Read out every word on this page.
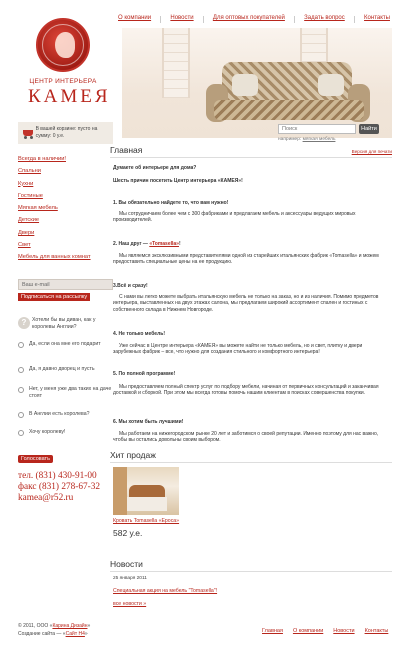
О компании	Новости	Для оптовых покупателей	Задать вопрос	Контакты
ЦЕНТР ИНТЕРЬЕРА
КАМЕЯ
Поиск	Найти
например: мягкая мебель
В вашей корзине: пусто на сумму: 0 у.е.
Всегда в наличии!
Спальни
Кухни
Гостиные
Мягкая мебель
Детские
Двери
Свет
Мебель для ванных комнат
Ваш e-mail
Подписаться на рассылку
?	Хотели бы вы диван, как у королевы Англии?
Да, если она мне его подарит
Да, я давно дворец и пусть
Нет, у меня уже два таких на даче стоят
В Англии есть королева?
Хочу королеву!
Голосовать
тел. (831) 430-91-00
факс (831) 278-67-32
kamea@r52.ru
Главная	Версия для печати
Думаете об интерьере для дома?
Шесть причин посетить Центр интерьера «КАМЕЯ»!
1. Вы обязательно найдете то, что вам нужно!
Мы сотрудничаем более чем с 300 фабриками и предлагаем мебель и аксессуары ведущих мировых производителей.
2. Наш друг — «Tomasella»!
Мы являемся эксклюзивными представителями одной из старейших итальянских фабрик «Tomasella» и можем предоставить специальные цены на ее продукцию.
3.Всё и сразу!
С нами вы легко можете выбрать итальянскую мебель не только на заказ, но и из наличия. Помимо предметов интерьера, выставленных на двух этажах салона, мы предлагаем широкий ассортимент спален и гостиных с собственного склада в Нижнем Новгороде.
4. Не только мебель!
Уже сейчас в Центре интерьера «КАМЕЯ» вы можете найти не только мебель, но и свет, плитку и двери зарубежных фабрик – все, что нужно для создания стильного и комфортного интерьера!
5. По полной программе!
Мы предоставляем полный спектр услуг по подбору мебели, начиная от первичных консультаций и заканчивая доставкой и сборкой. При этом мы всегда готовы помочь нашим клиентам в поисках совершенства покупки.
6. Мы хотим быть лучшими!
Мы работаем на нижегородском рынке 20 лет и заботимся о своей репутации. Именно поэтому для нас важно, чтобы вы остались довольны своим выбором.
Хит продаж
Кровать Tomasella «Ероса»
582 у.е.
Новости
25 января 2011
Специальная акция на мебель "Tomasella"!
все новости »
© 2011, ООО «Карина Дизайн»
Создание сайта — «Сайт Н4»	Главная О компании Новости Контакты
